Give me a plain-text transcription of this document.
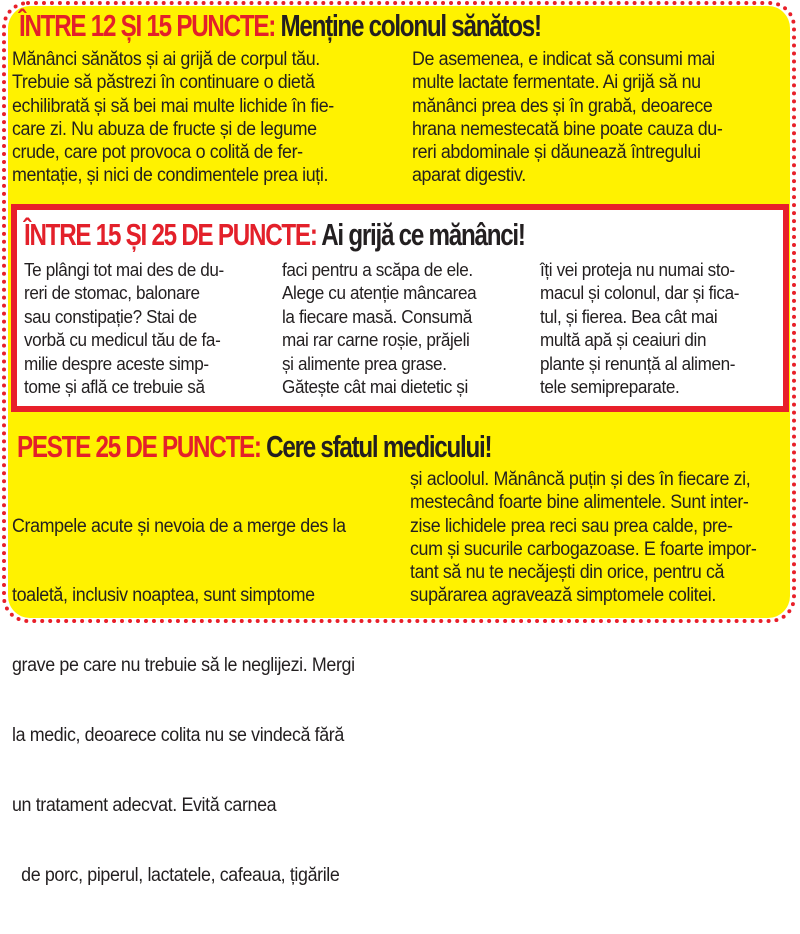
ÎNTRE 12 ȘI 15 PUNCTE: Menține colonul sănătos!
Mănânci sănătos și ai grijă de corpul tău.
Trebuie să păstrezi în continuare o dietă
echilibrată și să bei mai multe lichide în fie-
care zi. Nu abuza de fructe și de legume
crude, care pot provoca o colită de fer-
mentație, și nici de condimentele prea iuți.
De asemenea, e indicat să consumi mai
multe lactate fermentate. Ai grijă să nu
mănânci prea des și în grabă, deoarece
hrana nemestecată bine poate cauza du-
reri abdominale și dăunează întregului
aparat digestiv.
ÎNTRE 15 ȘI 25 DE PUNCTE: Ai grijă ce mănânci!
Te plângi tot mai des de du-
reri de stomac, balonare
sau constipație? Stai de
vorbă cu medicul tău de fa-
milie despre aceste simp-
tome și află ce trebuie să
faci pentru a scăpa de ele.
Alege cu atenție mâncarea
la fiecare masă. Consumă
mai rar carne roșie, prăjeli
și alimente prea grase.
Gătește cât mai dietetic și
îți vei proteja nu numai sto-
macul și colonul, dar și fica-
tul, și fierea. Bea cât mai
multă apă și ceaiuri din
plante și renunță al alimen-
tele semipreparate.
PESTE 25 DE PUNCTE: Cere sfatul medicului!

Crampele acute și nevoia de a merge des la

toaletă, inclusiv noaptea, sunt simptome

grave pe care nu trebuie să le neglijezi. Mergi

la medic, deoarece colita nu se vindecă fără

un tratament adecvat. Evită carnea

de porc, piperul, lactatele, cafeaua, țigările

și acloolul. Mănâncă puțin și des în fiecare zi,
mestecând foarte bine alimentele. Sunt inter-
zise lichidele prea reci sau prea calde, pre-
cum și sucurile carbogazoase. E foarte impor-
tant să nu te necăjești din orice, pentru că
supărarea agravează simptomele colitei.
